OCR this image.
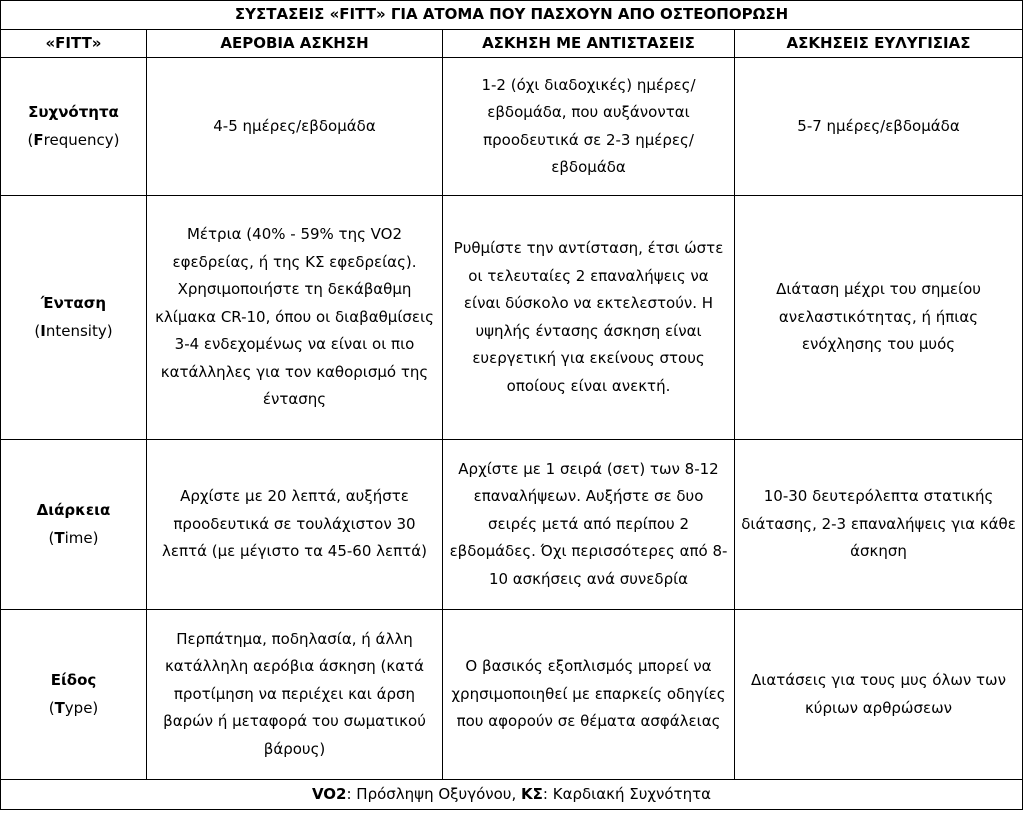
ΣΥΣΤΑΣΕΙΣ «FITT» ΓΙΑ ΑΤΟΜΑ ΠΟΥ ΠΑΣΧΟΥΝ ΑΠΟ ΟΣΤΕΟΠΟΡΩΣΗ			
«FITT»	ΑΕΡΟΒΙΑ ΑΣΚΗΣΗ	ΑΣΚΗΣΗ ΜΕ ΑΝΤΙΣΤΑΣΕΙΣ	ΑΣΚΗΣΕΙΣ ΕΥΛΥΓΙΣΙΑΣ

Συχνότητα
(Frequency)	4-5 ημέρες/εβδομάδα	1-2 (όχι διαδοχικές) ημέρες/εβδομάδα, που αυξάνονται προοδευτικά σε 2-3 ημέρες/εβδομάδα	5-7 ημέρες/εβδομάδα

Ένταση
(Intensity)	Μέτρια (40% - 59% της VO2 εφεδρείας, ή της ΚΣ εφεδρείας). Χρησιμοποιήστε τη δεκάβαθμη κλίμακα CR-10, όπου οι διαβαθμίσεις 3-4 ενδεχομένως να είναι οι πιο κατάλληλες για τον καθορισμό της έντασης	Ρυθμίστε την αντίσταση, έτσι ώστε οι τελευταίες 2 επαναλήψεις να είναι δύσκολο να εκτελεστούν. Η υψηλής έντασης άσκηση είναι ευεργετική για εκείνους στους οποίους είναι ανεκτή.	Διάταση μέχρι του σημείου ανελαστικότητας, ή ήπιας ενόχλησης του μυός

Διάρκεια
(Time)	Αρχίστε με 20 λεπτά, αυξήστε προοδευτικά σε τουλάχιστον 30 λεπτά (με μέγιστο τα 45-60 λεπτά)	Αρχίστε με 1 σειρά (σετ) των 8-12 επαναλήψεων. Αυξήστε σε δυο σειρές μετά από περίπου 2 εβδομάδες. Όχι περισσότερες από 8-10 ασκήσεις ανά συνεδρία	10-30 δευτερόλεπτα στατικής διάτασης, 2-3 επαναλήψεις για κάθε άσκηση

Είδος
(Type)	Περπάτημα, ποδηλασία, ή άλλη κατάλληλη αερόβια άσκηση (κατά προτίμηση να περιέχει και άρση βαρών ή μεταφορά του σωματικού βάρους)	Ο βασικός εξοπλισμός μπορεί να χρησιμοποιηθεί με επαρκείς οδηγίες που αφορούν σε θέματα ασφάλειας	Διατάσεις για τους μυς όλων των κύριων αρθρώσεων
VO2: Πρόσληψη Οξυγόνου, ΚΣ: Καρδιακή Συχνότητα			
